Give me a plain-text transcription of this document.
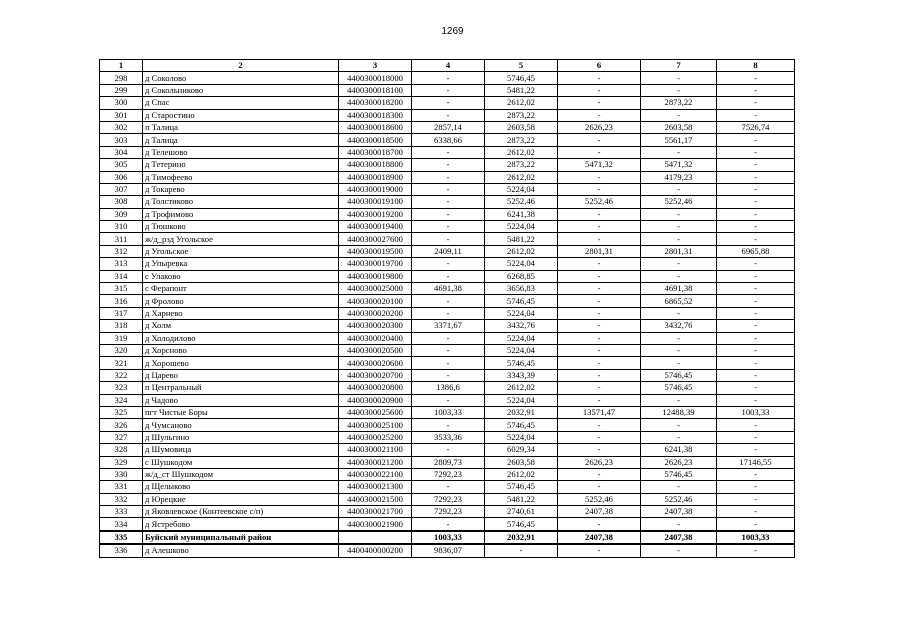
1269
1	2	3	4	5	6	7	8
298	д Соколово	4400300018000	-	5746,45	-	-	-
299	д Сокольниково	4400300018100	-	5481,22	-	-	-
300	д Спас	4400300018200	-	2612,02	-	2873,22	-
301	д Старостино	4400300018300	-	2873,22	-	-	-
302	п Талица	4400300018600	2857,14	2603,58	2626,23	2603,58	7526,74
303	д Талица	4400300018500	6338,66	2873,22	-	5561,17	-
304	д Телешово	4400300018700	-	2612,02	-	-	-
305	д Тетерино	4400300018800	-	2873,22	5471,32	5471,32	-
306	д Тимофеево	4400300018900	-	2612,02	-	4179,23	-
307	д Токарево	4400300019000	-	5224,04	-	-	-
308	д Толстиково	4400300019100	-	5252,46	5252,46	5252,46	-
309	д Трофимово	4400300019200	-	6241,38	-	-	-
310	д Тюшково	4400300019400	-	5224,04	-	-	-
311	ж/д_рзд Угольское	4400300027600	-	5481,22	-	-	-
312	д Угольское	4400300019500	2409,11	2612,02	2801,31	2801,31	6965,88
313	д Упыревка	4400300019700	-	5224,04	-	-	-
314	с Улаково	4400300019800	-	6268,85	-	-	-
315	с Ферапонт	4400300025000	4691,38	3656,83	-	4691,38	-
316	д Фролово	4400300020100	-	5746,45	-	6865,52	-
317	д Харнево	4400300020200	-	5224,04	-	-	-
318	д Холм	4400300020300	3371,67	3432,76	-	3432,76	-
319	д Холодилово	4400300020400	-	5224,04	-	-	-
320	д Хорсново	4400300020500	-	5224,04	-	-	-
321	д Хорошево	4400300020600	-	5746,45	-	-	-
322	д Царево	4400300020700	-	3343,39	-	5746,45	-
323	п Центральный	4400300020800	1386,6	2612,02	-	5746,45	-
324	д Чадово	4400300020900	-	5224,04	-	-	-
325	пгт Чистые Боры	4400300025600	1003,33	2032,91	13571,47	12488,39	1003,33
326	д Чумсаново	4400300025100	-	5746,45	-	-	-
327	д Шульгино	4400300025200	3533,36	5224,04	-	-	-
328	д Шумовица	4400300021100	-	6029,34	-	6241,38	-
329	с Шушкодом	4400300021200	2809,73	2603,58	2626,23	2626,23	17146,55
330	ж/д_ст Шушкодом	4400300022100	7292,23	2612,02	-	5746,45	-
331	д Щелыково	4400300021300	-	5746,45	-	-	-
332	д Юрецкие	4400300021500	7292,23	5481,22	5252,46	5252,46	-
333	д Яковлевское (Контеевское с/п)	4400300021700	7292,23	2740,61	2407,38	2407,38	-
334	д Ястребово	4400300021900	-	5746,45	-	-	-
335	Буйский муниципальный район		1003,33	2032,91	2407,38	2407,38	1003,33
336	д Алешково	4400400000200	9836,07	-	-	-	-
